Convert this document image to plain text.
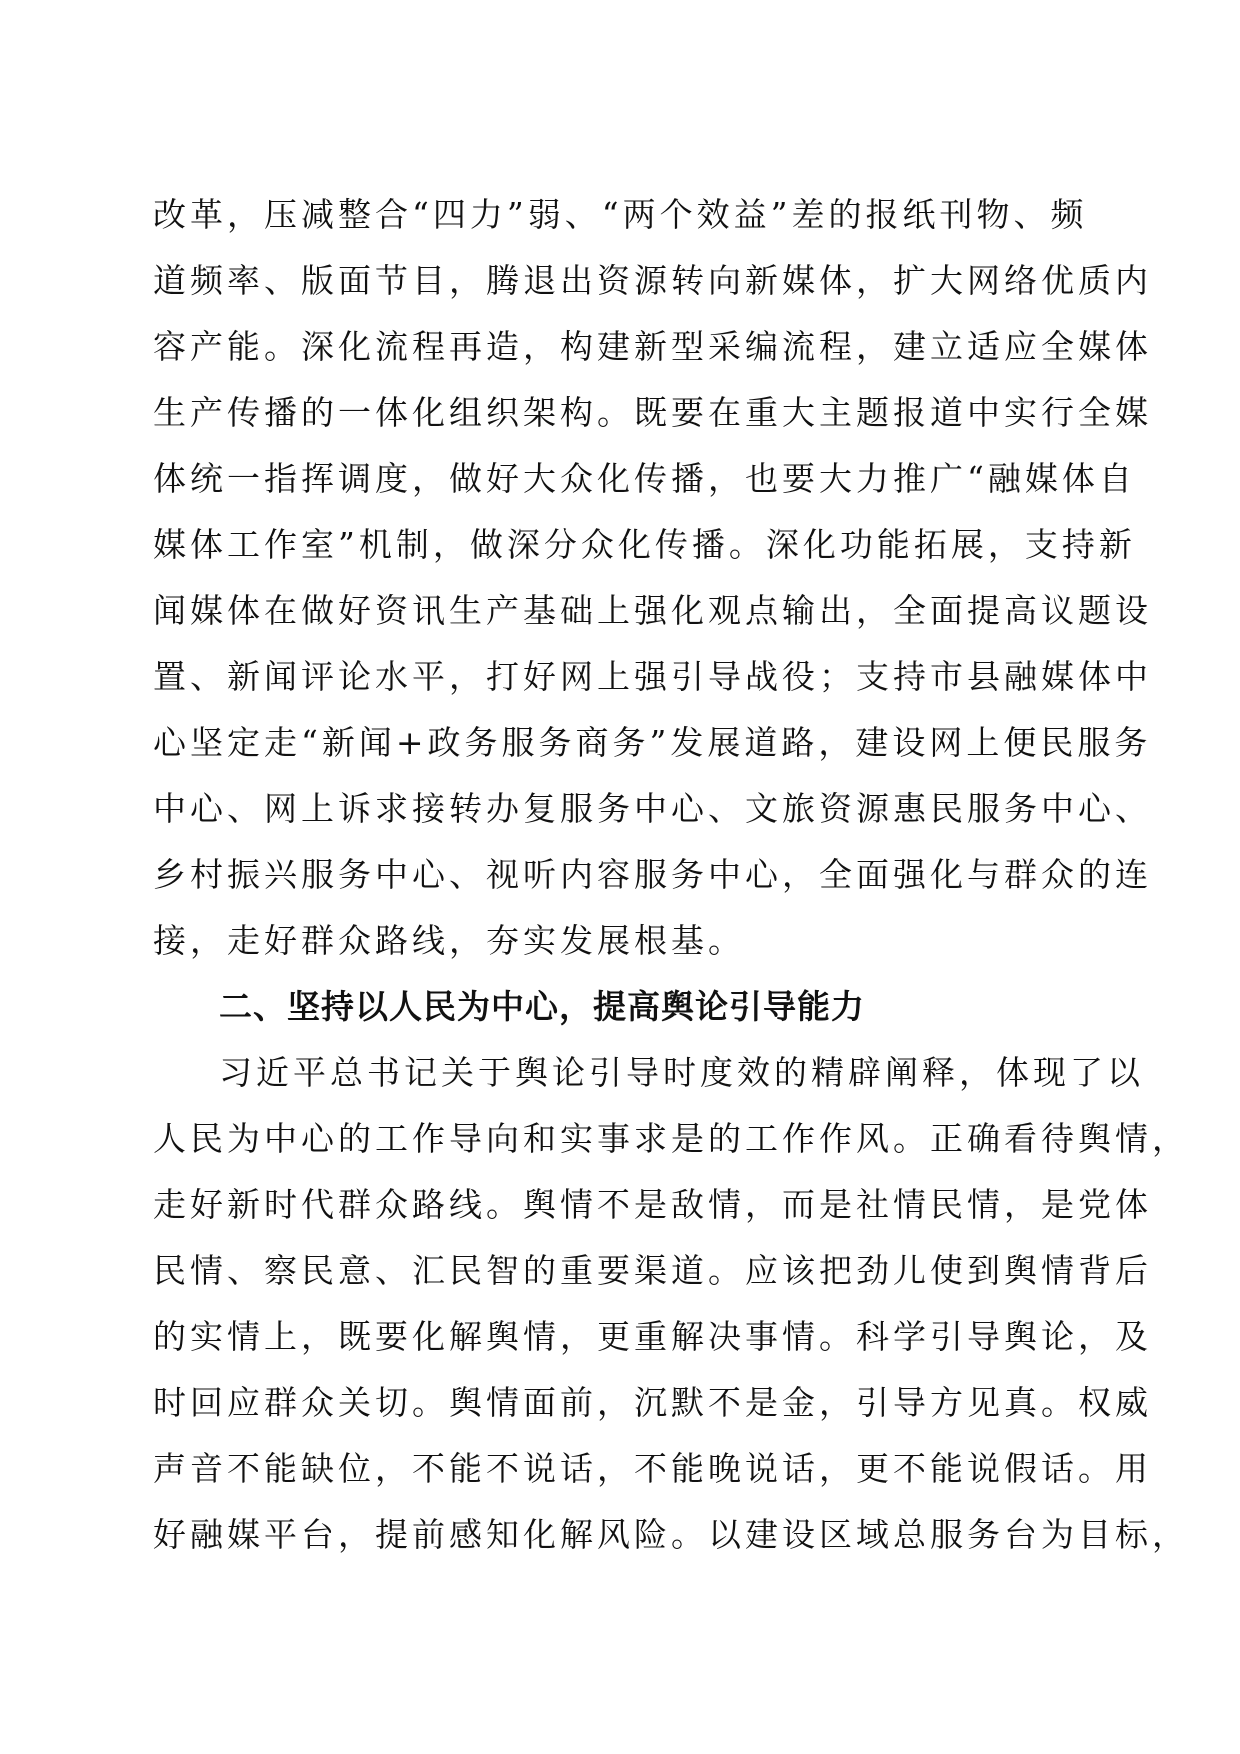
改革，压减整合“四力”弱、“两个效益”差的报纸刊物、频
道频率、版面节目，腾退出资源转向新媒体，扩大网络优质内
容产能。深化流程再造，构建新型采编流程，建立适应全媒体
生产传播的一体化组织架构。既要在重大主题报道中实行全媒
体统一指挥调度，做好大众化传播，也要大力推广“融媒体自
媒体工作室”机制，做深分众化传播。深化功能拓展，支持新
闻媒体在做好资讯生产基础上强化观点输出，全面提高议题设
置、新闻评论水平，打好网上强引导战役；支持市县融媒体中
心坚定走“新闻+政务服务商务”发展道路，建设网上便民服务
中心、网上诉求接转办复服务中心、文旅资源惠民服务中心、
乡村振兴服务中心、视听内容服务中心，全面强化与群众的连
接，走好群众路线，夯实发展根基。
二、坚持以人民为中心，提高舆论引导能力
习近平总书记关于舆论引导时度效的精辟阐释，体现了以
人民为中心的工作导向和实事求是的工作作风。正确看待舆情，
走好新时代群众路线。舆情不是敌情，而是社情民情，是党体
民情、察民意、汇民智的重要渠道。应该把劲儿使到舆情背后
的实情上，既要化解舆情，更重解决事情。科学引导舆论，及
时回应群众关切。舆情面前，沉默不是金，引导方见真。权威
声音不能缺位，不能不说话，不能晚说话，更不能说假话。用
好融媒平台，提前感知化解风险。以建设区域总服务台为目标，
